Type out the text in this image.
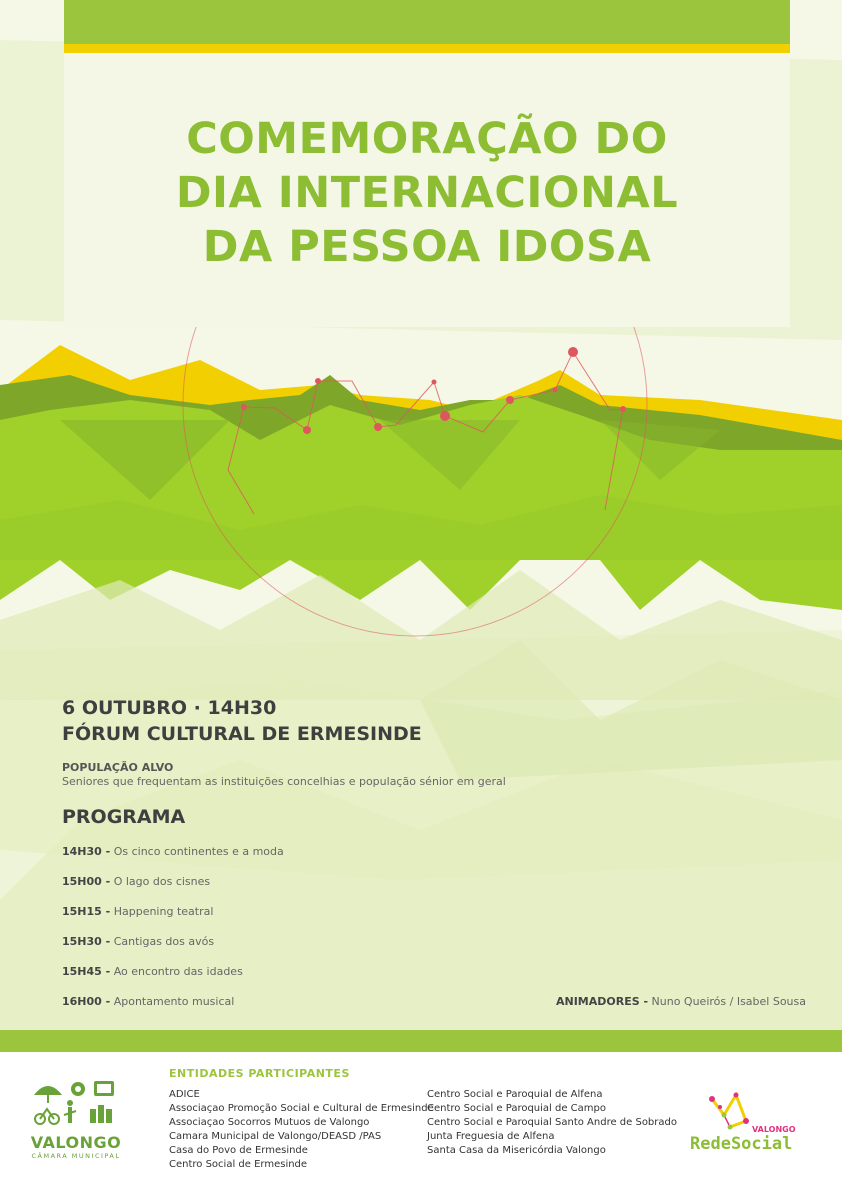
COMEMORAÇÃO DO
DIA INTERNACIONAL
DA PESSOA IDOSA
6 OUTUBRO · 14H30
FÓRUM CULTURAL DE ERMESINDE
POPULAÇÃO ALVO
Seniores que frequentam as instituições concelhias e população sénior em geral
PROGRAMA
14H30 - Os cinco continentes e a moda
15H00 - O lago dos cisnes
15H15 - Happening teatral
15H30 - Cantigas dos avós
15H45 - Ao encontro das idades
16H00 - Apontamento musical	ANIMADORES - Nuno Queirós / Isabel Sousa
VALONGO
CÂMARA MUNICIPAL
ENTIDADES PARTICIPANTES
ADICE
Associaçao Promoção Social e Cultural de Ermesinde
Associaçao Socorros Mutuos de Valongo
Camara Municipal de Valongo/DEASD /PAS
Casa do Povo de Ermesinde
Centro Social de Ermesinde
Centro Social e Paroquial de Alfena
Centro Social e Paroquial de Campo
Centro Social e Paroquial Santo Andre de Sobrado
Junta Freguesia de Alfena
Santa Casa da Misericórdia Valongo
VALONGO
RedeSocial
